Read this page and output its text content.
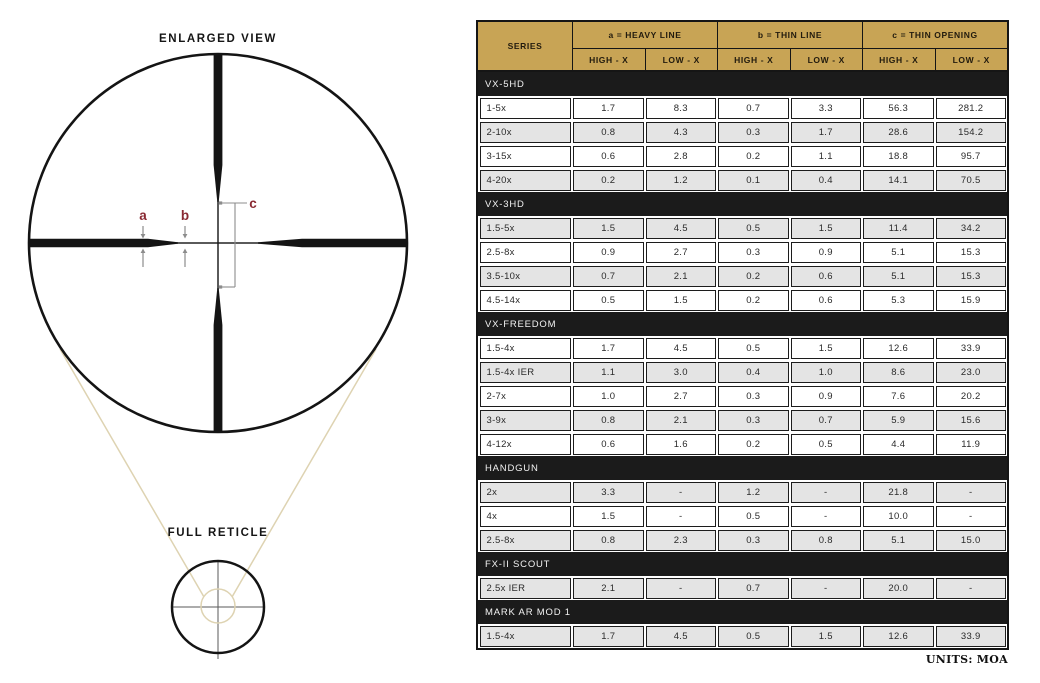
ENLARGED VIEW
a	b
c
FULL RETICLE
SERIES
a = HEAVY LINE	b = THIN LINE	c = THIN OPENING
HIGH - X	LOW - X	HIGH - X	LOW - X	HIGH - X	LOW - X
VX-5HD
1-5x	1.7	8.3	0.7	3.3	56.3	281.2
2-10x	0.8	4.3	0.3	1.7	28.6	154.2
3-15x	0.6	2.8	0.2	1.1	18.8	95.7
4-20x	0.2	1.2	0.1	0.4	14.1	70.5
VX-3HD
1.5-5x	1.5	4.5	0.5	1.5	11.4	34.2
2.5-8x	0.9	2.7	0.3	0.9	5.1	15.3
3.5-10x	0.7	2.1	0.2	0.6	5.1	15.3
4.5-14x	0.5	1.5	0.2	0.6	5.3	15.9
VX-FREEDOM
1.5-4x	1.7	4.5	0.5	1.5	12.6	33.9
1.5-4x IER	1.1	3.0	0.4	1.0	8.6	23.0
2-7x	1.0	2.7	0.3	0.9	7.6	20.2
3-9x	0.8	2.1	0.3	0.7	5.9	15.6
4-12x	0.6	1.6	0.2	0.5	4.4	11.9
HANDGUN
2x	3.3	-	1.2	-	21.8	-
4x	1.5	-	0.5	-	10.0	-
2.5-8x	0.8	2.3	0.3	0.8	5.1	15.0
FX-II SCOUT
2.5x IER	2.1	-	0.7	-	20.0	-
MARK AR MOD 1
1.5-4x	1.7	4.5	0.5	1.5	12.6	33.9
UNITS: MOA
